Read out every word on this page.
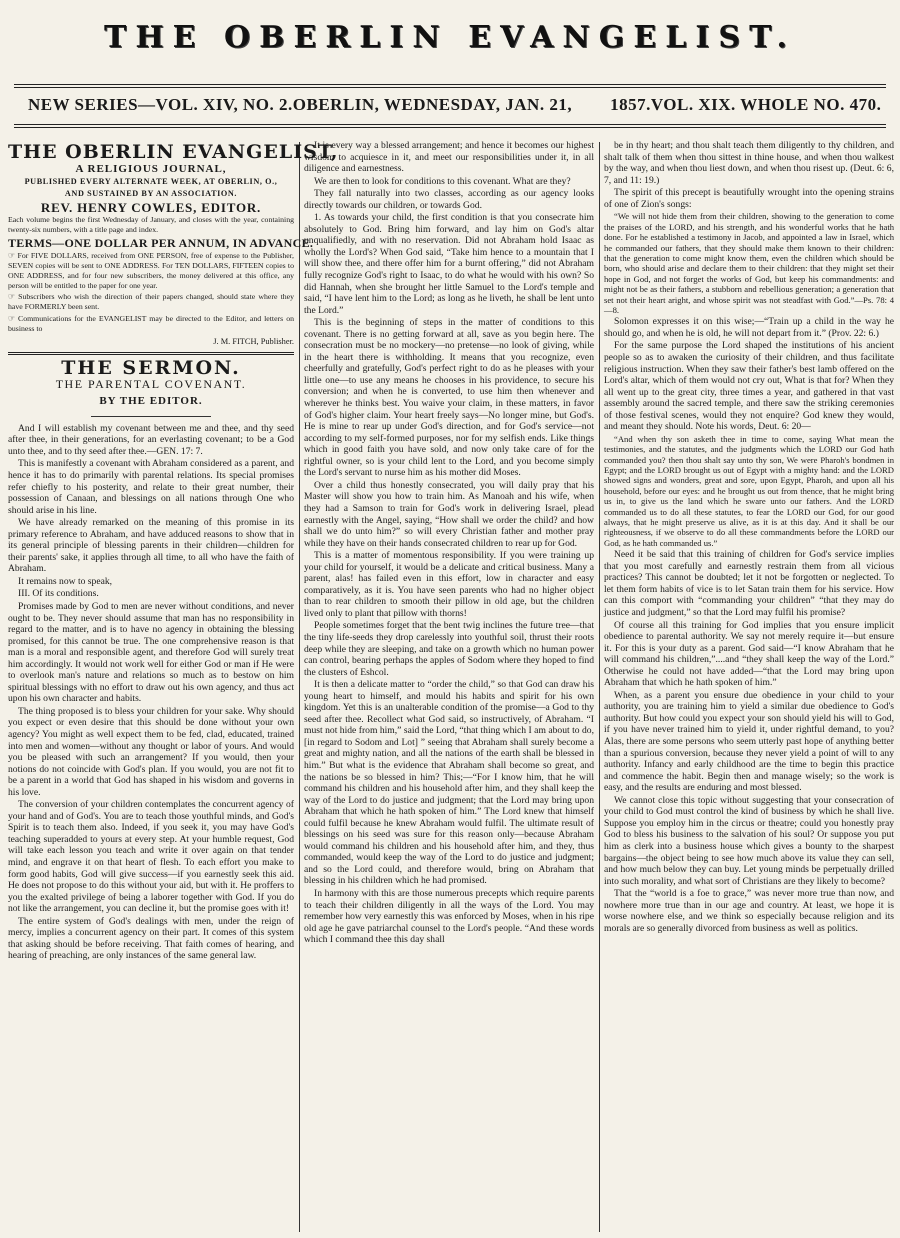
THE OBERLIN EVANGELIST.
NEW SERIES—VOL. XIV, NO. 2. OBERLIN, WEDNESDAY, JAN. 21, 1857. VOL. XIX. WHOLE NO. 470.
THE OBERLIN EVANGELIST,
A RELIGIOUS JOURNAL,
PUBLISHED EVERY ALTERNATE WEEK, AT OBERLIN, O.,
AND SUSTAINED BY AN ASSOCIATION.
REV. HENRY COWLES, EDITOR.
Each volume begins the first Wednesday of January, and closes with the year, containing twenty-six numbers, with a title page and index.
TERMS—ONE DOLLAR PER ANNUM, IN ADVANCE.
☞ For FIVE DOLLARS, received from ONE PERSON, free of expense to the Publisher, SEVEN copies will be sent to ONE ADDRESS. For TEN DOLLARS, FIFTEEN copies to ONE ADDRESS, and for four new subscribers, the money delivered at this office, any person will be entitled to the paper for one year.
☞ Subscribers who wish the direction of their papers changed, should state where they have FORMERLY been sent.
☞ Communications for the EVANGELIST may be directed to the Editor, and letters on business to
J. M. FITCH, Publisher.
THE SERMON.
THE PARENTAL COVENANT.
BY THE EDITOR.

And I will establish my covenant between me and thee, and thy seed after thee, in their generations, for an everlasting covenant; to be a God unto thee, and to thy seed after thee.—GEN. 17: 7.

This is manifestly a covenant with Abraham considered as a parent, and hence it has to do primarily with parental relations. Its special promises refer chiefly to his posterity, and relate to their great number, their possession of Canaan, and blessings on all nations through One who should arise in his line.

We have already remarked on the meaning of this promise in its primary reference to Abraham, and have adduced reasons to show that in its general principle of blessing parents in their children—children for their parents' sake, it applies through all time, to all who have the faith of Abraham.

It remains now to speak,

III. Of its conditions.

Promises made by God to men are never without conditions, and never ought to be. They never should assume that man has no responsibility in regard to the matter, and is to have no agency in obtaining the blessing promised, for this cannot be true. The one comprehensive reason is that man is a moral and responsible agent, and therefore God will surely treat him accordingly. It would not work well for either God or man if He were to overlook man's nature and relations so much as to bestow on him spiritual blessings with no effort to draw out his own agency, and thus act upon his own character and habits.

The thing proposed is to bless your children for your sake. Why should you expect or even desire that this should be done without your own agency? You might as well expect them to be fed, clad, educated, trained into men and women—without any thought or labor of yours. And would you be pleased with such an arrangement? If you would, then your notions do not coincide with God's plan. If you would, you are not fit to be a parent in a world that God has shaped in his wisdom and governs in his love.

The conversion of your children contemplates the concurrent agency of your hand and of God's. You are to teach those youthful minds, and God's Spirit is to teach them also. Indeed, if you seek it, you may have God's teaching superadded to yours at every step. At your humble request, God will take each lesson you teach and write it over again on that tender mind, and engrave it on that heart of flesh. To each effort you make to form good habits, God will give success—if you earnestly seek this aid. He does not propose to do this without your aid, but with it. He proffers to you the exalted privilege of being a laborer together with God. If you do not like the arrangement, you can decline it, but the promise goes with it!

The entire system of God's dealings with men, under the reign of mercy, implies a concurrent agency on their part. It comes of this system that asking should be before receiving. That faith comes of hearing, and hearing of preaching, are only instances of the same general law.

It is every way a blessed arrangement; and hence it becomes our highest wisdom to acquiesce in it, and meet our responsibilities under it, in all diligence and earnestness.

We are then to look for conditions to this covenant. What are they?

They fall naturally into two classes, according as our agency looks directly towards our children, or towards God.

1. As towards your child, the first condition is that you consecrate him absolutely to God. Bring him forward, and lay him on God's altar unqualifiedly, and with no reservation. Did not Abraham hold Isaac as wholly the Lord's? When God said, “Take him hence to a mountain that I will show thee, and there offer him for a burnt offering,” did not Abraham fully recognize God's right to Isaac, to do what he would with his own? So did Hannah, when she brought her little Samuel to the Lord's temple and said, “I have lent him to the Lord; as long as he liveth, he shall be lent unto the Lord.”

This is the beginning of steps in the matter of conditions to this covenant. There is no getting forward at all, save as you begin here. The consecration must be no mockery—no pretense—no look of giving, while in the heart there is withholding. It means that you recognize, even cheerfully and gratefully, God's perfect right to do as he pleases with your little one—to use any means he chooses in his providence, to secure his conversion; and when he is converted, to use him then whenever and wherever he thinks best. You waive your claim, in these matters, in favor of God's higher claim. Your heart freely says—No longer mine, but God's. He is mine to rear up under God's direction, and for God's service—not according to my self-formed purposes, nor for my selfish ends. Like things which in good faith you have sold, and now only take care of for the rightful owner, so is your child lent to the Lord, and you become simply the Lord's servant to nurse him as his mother did Moses.

Over a child thus honestly consecrated, you will daily pray that his Master will show you how to train him. As Manoah and his wife, when they had a Samson to train for God's work in delivering Israel, plead earnestly with the Angel, saying, “How shall we order the child? and how shall we do unto him?” so will every Christian father and mother pray while they have on their hands consecrated children to rear up for God.

This is a matter of momentous responsibility. If you were training up your child for yourself, it would be a delicate and critical business. Many a parent, alas! has failed even in this effort, low in character and easy comparatively, as it is. You have seen parents who had no higher object than to rear children to smooth their pillow in old age, but the children lived only to plant that pillow with thorns!

People sometimes forget that the bent twig inclines the future tree—that the tiny life-seeds they drop carelessly into youthful soil, thrust their roots deep while they are sleeping, and take on a growth which no human power can control, bearing perhaps the apples of Sodom where they hoped to find the clusters of Eshcol.

It is then a delicate matter to “order the child,” so that God can draw his young heart to himself, and mould his habits and spirit for his own kingdom. Yet this is an unalterable condition of the promise—a God to thy seed after thee. Recollect what God said, so instructively, of Abraham. “I must not hide from him,” said the Lord, “that thing which I am about to do, [in regard to Sodom and Lot] ” seeing that Abraham shall surely become a great and mighty nation, and all the nations of the earth shall be blessed in him.” But what is the evidence that Abraham shall become so great, and the nations be so blessed in him? This;—“For I know him, that he will command his children and his household after him, and they shall keep the way of the Lord to do justice and judgment; that the Lord may bring upon Abraham that which he hath spoken of him.” The Lord knew that himself could fulfil because he knew Abraham would fulfil. The ultimate result of blessings on his seed was sure for this reason only—because Abraham would command his children and his household after him, and they, thus commanded, would keep the way of the Lord to do justice and judgment; and so the Lord could, and therefore would, bring on Abraham that blessing in his children which he had promised.

In harmony with this are those numerous precepts which require parents to teach their children diligently in all the ways of the Lord. You may remember how very earnestly this was enforced by Moses, when in his ripe old age he gave patriarchal counsel to the Lord's people. “And these words which I command thee this day shall

be in thy heart; and thou shalt teach them diligently to thy children, and shalt talk of them when thou sittest in thine house, and when thou walkest by the way, and when thou liest down, and when thou risest up. (Deut. 6: 6, 7, and 11: 19.)

The spirit of this precept is beautifully wrought into the opening strains of one of Zion's songs:

“We will not hide them from their children, showing to the generation to come the praises of the LORD, and his strength, and his wonderful works that he hath done. For he established a testimony in Jacob, and appointed a law in Israel, which he commanded our fathers, that they should make them known to their children: that the generation to come might know them, even the children which should be born, who should arise and declare them to their children: that they might set their hope in God, and not forget the works of God, but keep his commandments: and might not be as their fathers, a stubborn and rebellious generation; a generation that set not their heart aright, and whose spirit was not steadfast with God.”—Ps. 78: 4—8.

Solomon expresses it on this wise;—“Train up a child in the way he should go, and when he is old, he will not depart from it.” (Prov. 22: 6.)

For the same purpose the Lord shaped the institutions of his ancient people so as to awaken the curiosity of their children, and thus facilitate religious instruction. When they saw their father's best lamb offered on the Lord's altar, which of them would not cry out, What is that for? When they all went up to the great city, three times a year, and gathered in that vast assembly around the sacred temple, and there saw the striking ceremonies of those festival scenes, would they not enquire? God knew they would, and meant they should. Note his words, Deut. 6: 20—

“And when thy son asketh thee in time to come, saying What mean the testimonies, and the statutes, and the judgments which the LORD our God hath commanded you? then thou shalt say unto thy son, We were Pharoh's bondmen in Egypt; and the LORD brought us out of Egypt with a mighty hand: and the LORD showed signs and wonders, great and sore, upon Egypt, Pharoh, and upon all his household, before our eyes: and he brought us out from thence, that he might bring us in, to give us the land which he sware unto our fathers. And the LORD commanded us to do all these statutes, to fear the LORD our God, for our good always, that he might preserve us alive, as it is at this day. And it shall be our righteousness, if we observe to do all these commandments before the LORD our God, as he hath commanded us.”

Need it be said that this training of children for God's service implies that you most carefully and earnestly restrain them from all vicious practices? This cannot be doubted; let it not be forgotten or neglected. To let them form habits of vice is to let Satan train them for his service. How can this comport with “commanding your children” “that they may do justice and judgment,” so that the Lord may fulfil his promise?

Of course all this training for God implies that you ensure implicit obedience to parental authority. We say not merely require it—but ensure it. For this is your duty as a parent. God said—“I know Abraham that he will command his children,”....and “they shall keep the way of the Lord.” Otherwise he could not have added—“that the Lord may bring upon Abraham that which he hath spoken of him.”

When, as a parent you ensure due obedience in your child to your authority, you are training him to yield a similar due obedience to God's authority. But how could you expect your son should yield his will to God, if you have never trained him to yield it, under rightful demand, to you? Alas, there are some persons who seem utterly past hope of anything better than a spurious conversion, because they never yield a point of will to any authority. Infancy and early childhood are the time to begin this practice and commence the habit. Begin then and manage wisely; so the work is easy, and the results are enduring and most blessed.

We cannot close this topic without suggesting that your consecration of your child to God must control the kind of business by which he shall live. Suppose you employ him in the circus or theatre; could you honestly pray God to bless his business to the salvation of his soul? Or suppose you put him as clerk into a business house which gives a bounty to the sharpest bargains—the object being to see how much above its value they can sell, and how much below they can buy. Let young minds be perpetually drilled into such morality, and what sort of Christians are they likely to become?

That the “world is a foe to grace,” was never more true than now, and nowhere more true than in our age and country. At least, we hope it is worse nowhere else, and we think so especially because religion and its morals are so generally divorced from business as well as politics.
